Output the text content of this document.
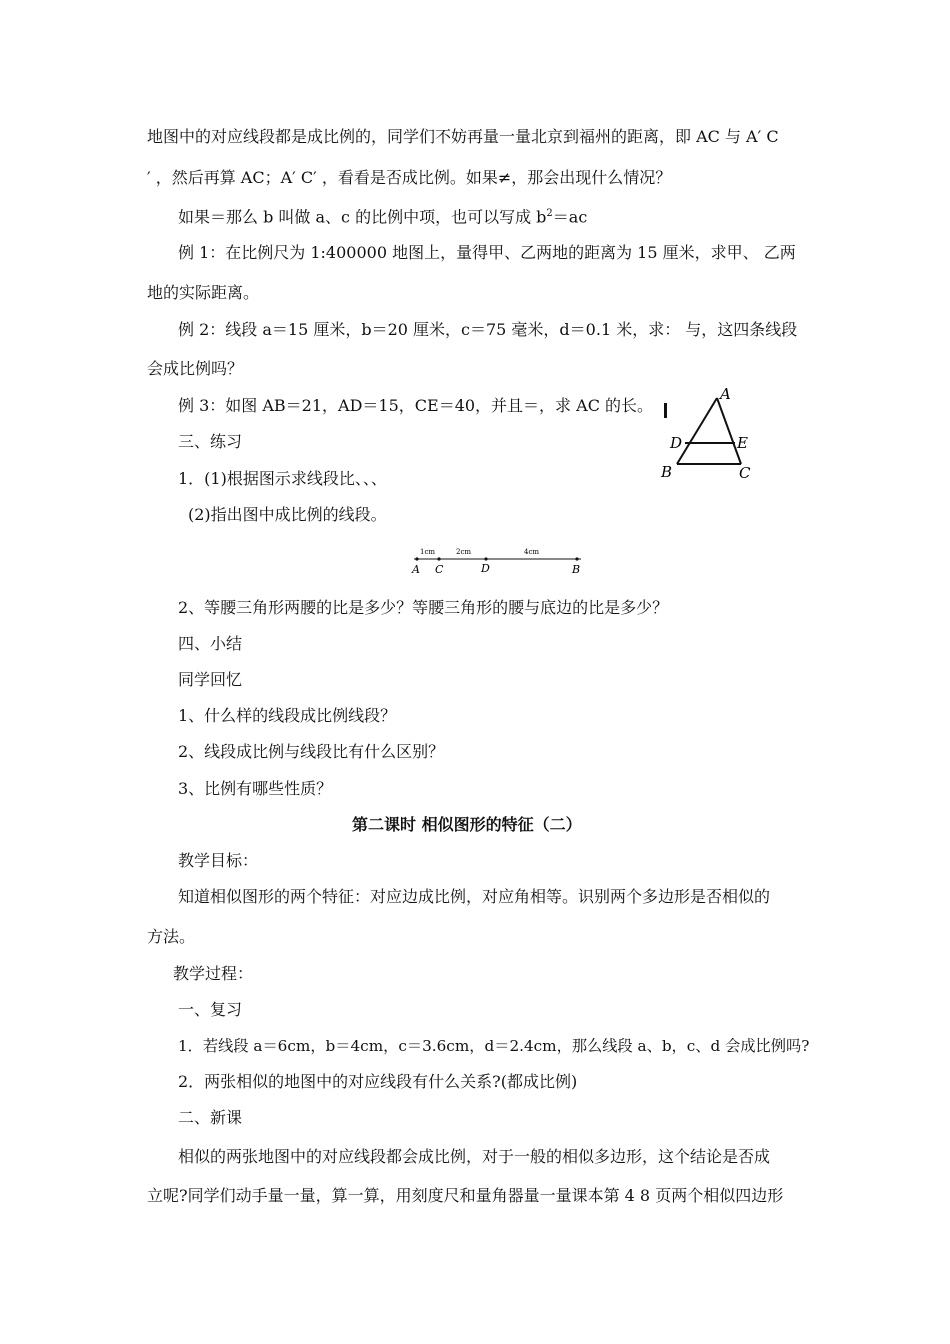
地图中的对应线段都是成比例的，同学们不妨再量一量北京到福州的距离，即 AC 与 A′ C
′ ，然后再算 AC；A′ C′ ，看看是否成比例。如果≠，那会出现什么情况？
如果＝那么 b 叫做 a、c 的比例中项，也可以写成 $b^2=ac$
例 1：在比例尺为 1:400000 地图上，量得甲、乙两地的距离为 15 厘米，求甲、 乙两
地的实际距离。
例 2：线段 a＝15 厘米，b＝20 厘米，c＝75 毫米，d＝0.1 米，求： 与，这四条线段
会成比例吗？
例 3：如图 AB＝21，AD＝15，CE＝40，并且＝，求 AC 的长。
三、练习
1．(1)根据图示求线段比、、、
(2)指出图中成比例的线段。
A
D	E
B	C
1cm	2cm	4cm
A C	D	B
2、等腰三角形两腰的比是多少？等腰三角形的腰与底边的比是多少？
四、小结
同学回忆
1、什么样的线段成比例线段？
2、线段成比例与线段比有什么区别？
3、比例有哪些性质？
第二课时 相似图形的特征（二）
教学目标：
知道相似图形的两个特征：对应边成比例，对应角相等。识别两个多边形是否相似的
方法。
教学过程：
一、复习
1．若线段 a＝6cm，b＝4cm，c＝3.6cm，d＝2.4cm，那么线段 a、b，c、d 会成比例吗?
2．两张相似的地图中的对应线段有什么关系?(都成比例)
二、新课
相似的两张地图中的对应线段都会成比例，对于一般的相似多边形，这个结论是否成
立呢?同学们动手量一量，算一算，用刻度尺和量角器量一量课本第 4 8 页两个相似四边形
